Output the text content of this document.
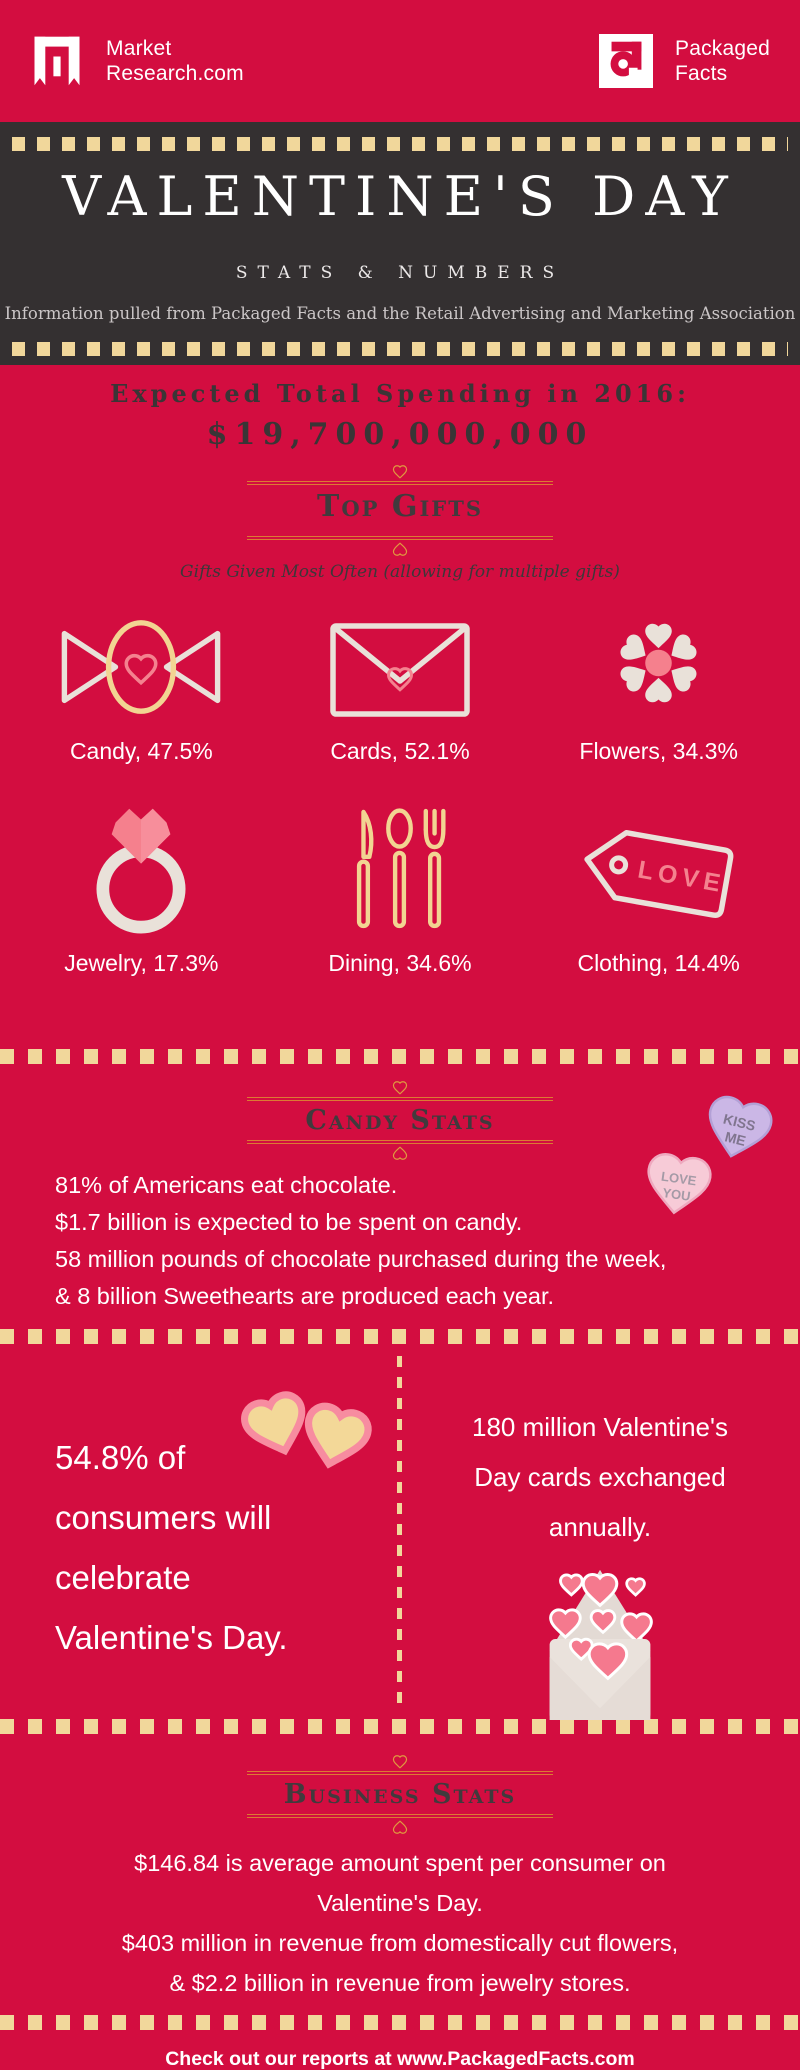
Market
Research.com
Packaged
Facts
VALENTINE'S DAY
STATS & NUMBERS
Information pulled from Packaged Facts and the Retail Advertising and Marketing Association
Expected Total Spending in 2016:
$19,700,000,000
Top Gifts
Gifts Given Most Often (allowing for multiple gifts)
Candy, 47.5%	Cards, 52.1%	Flowers, 34.3%
Jewelry, 17.3%	Dining, 34.6%
LOVE
Clothing, 14.4%
Candy Stats	KISS
ME
LOVE
YOU
81% of Americans eat chocolate.
$1.7 billion is expected to be spent on candy.
58 million pounds of chocolate purchased during the week,
& 8 billion Sweethearts are produced each year.
54.8% of
consumers will
celebrate
Valentine's Day.
180 million Valentine's
Day cards exchanged
annually.
Business Stats
$146.84 is average amount spent per consumer on
Valentine's Day.
$403 million in revenue from domestically cut flowers,
& $2.2 billion in revenue from jewelry stores.
Check out our reports at www.PackagedFacts.com
